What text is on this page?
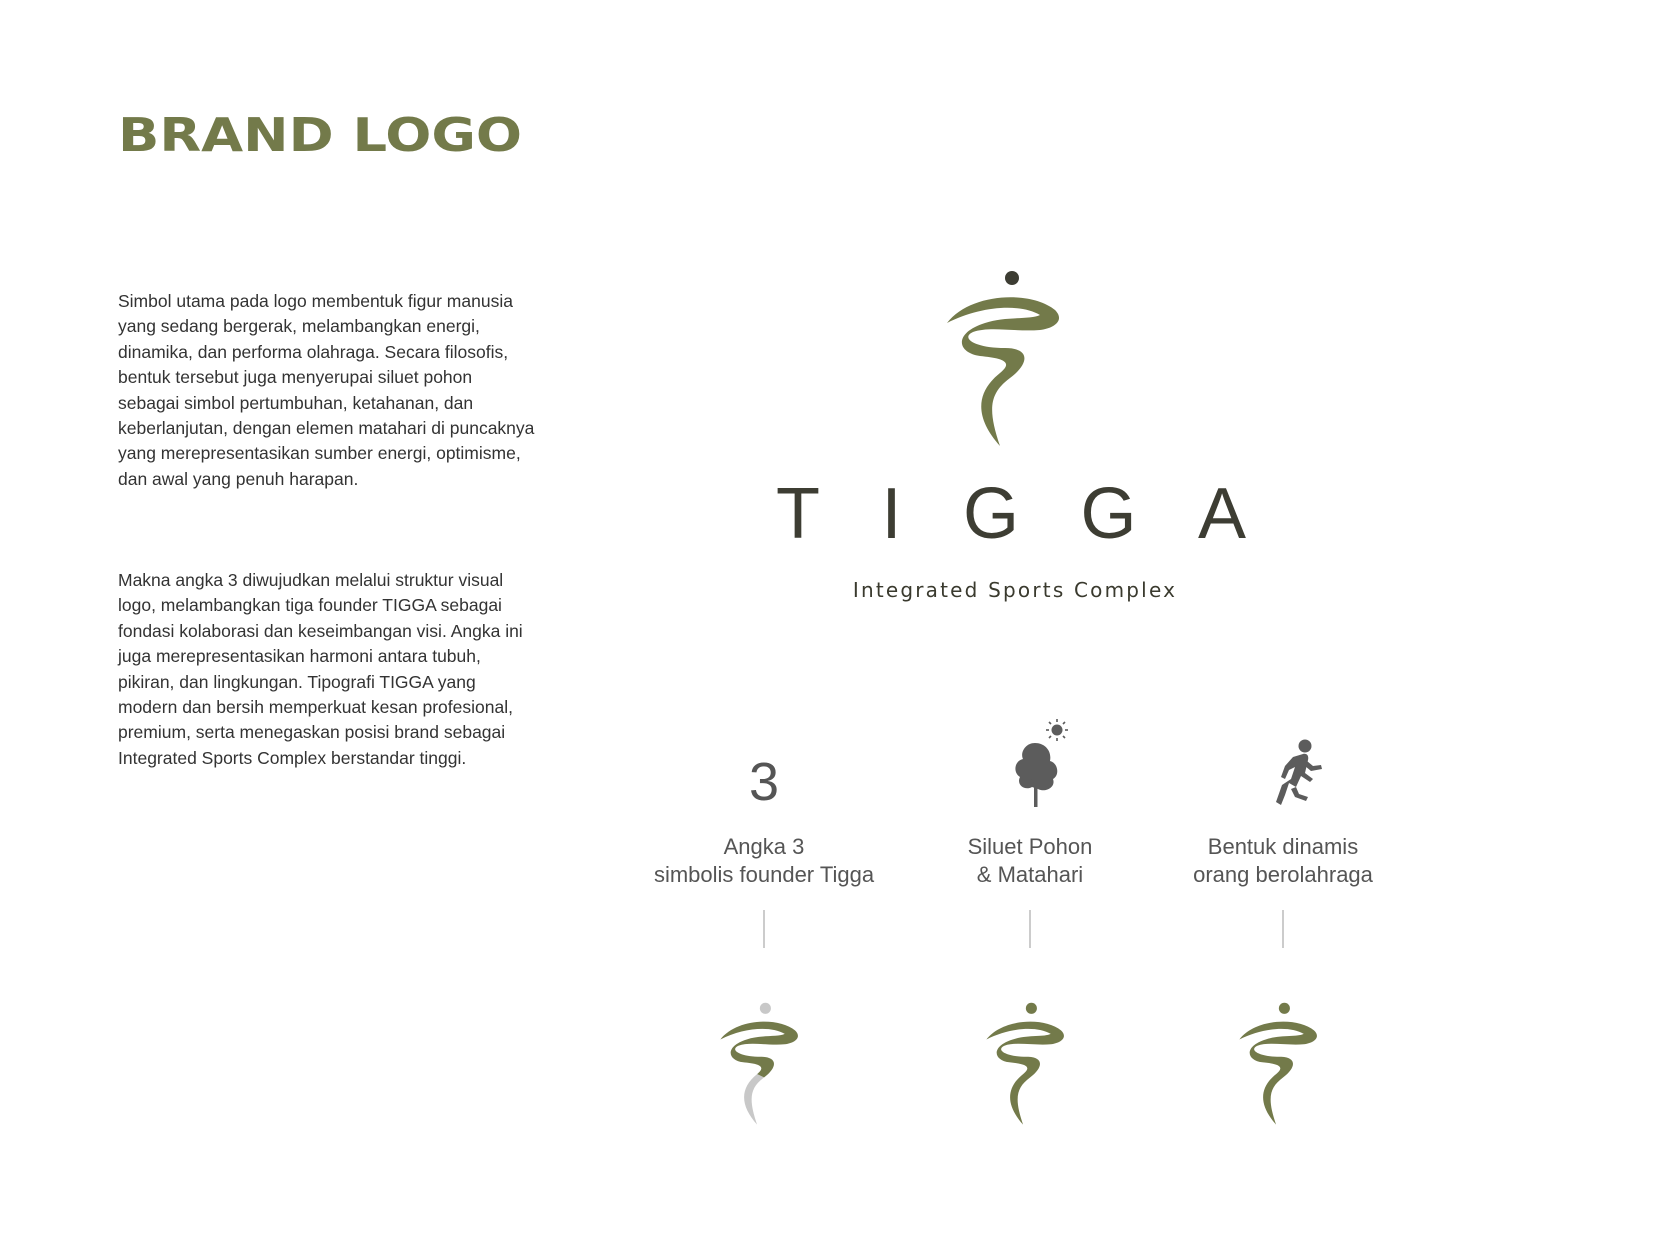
BRAND LOGO

Simbol utama pada logo membentuk figur manusia yang sedang bergerak, melambangkan energi, dinamika, dan performa olahraga. Secara filosofis, bentuk tersebut juga menyerupai siluet pohon sebagai simbol pertumbuhan, ketahanan, dan keberlanjutan, dengan elemen matahari di puncaknya yang merepresentasikan sumber energi, optimisme, dan awal yang penuh harapan.

Makna angka 3 diwujudkan melalui struktur visual logo, melambangkan tiga founder TIGGA sebagai fondasi kolaborasi dan keseimbangan visi. Angka ini juga merepresentasikan harmoni antara tubuh, pikiran, dan lingkungan. Tipografi TIGGA yang modern dan bersih memperkuat kesan profesional, premium, serta menegaskan posisi brand sebagai Integrated Sports Complex berstandar tinggi.

TIGGA

Integrated Sports Complex

3
Angka 3
simbolis founder Tigga
Siluet Pohon
& Matahari
Bentuk dinamis
orang berolahraga
